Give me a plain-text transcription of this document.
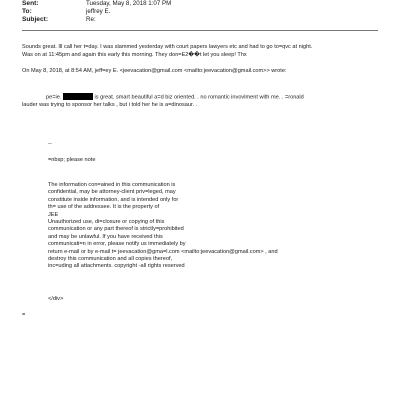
Sent:	Tuesday, May 8, 2018 1:07 PM
To:	jeffrey E.
Subject:	Re:
Sounds great. Ill call her t=day. I was slammed yesterday with court papers lawyers etc and had to go to=qvc at night.
Was on at 11:45pm and again this early this morning. They don=E2��t let you sleep! Thx
On May 8, 2018, at 8:54 AM, jeff=ey E. <jeevacation@gmail.com <mailto:jeevacation@gmail.com>> wrote:
pe=ie.	is great. smart beautiful a=d biz oriented. . no romantic invovlment with me. . =ronald
lauder was trying to sponsor her talks , but i told her he is a=dinosaur. .
--
=nbsp; please note
The information con=ained in this communication is
confidential, may be attorney-client priv=leged, may
constitute inside information, and is intended only for
th= use of the addressee. It is the property of
JEE
Unauthorized use, di=closure or copying of this
communication or any part thereof is strictly=prohibited
and may be unlawful. If you have received this
communicati=n in error, please notify us immediately by
return e-mail or by e-mail t= jeevacation@gma=l.com <mailto:jeevacation@gmail.com> , and
destroy this communication and all copies thereof,
inc=uding all attachments. copyright -all rights reserved
</div>
=
